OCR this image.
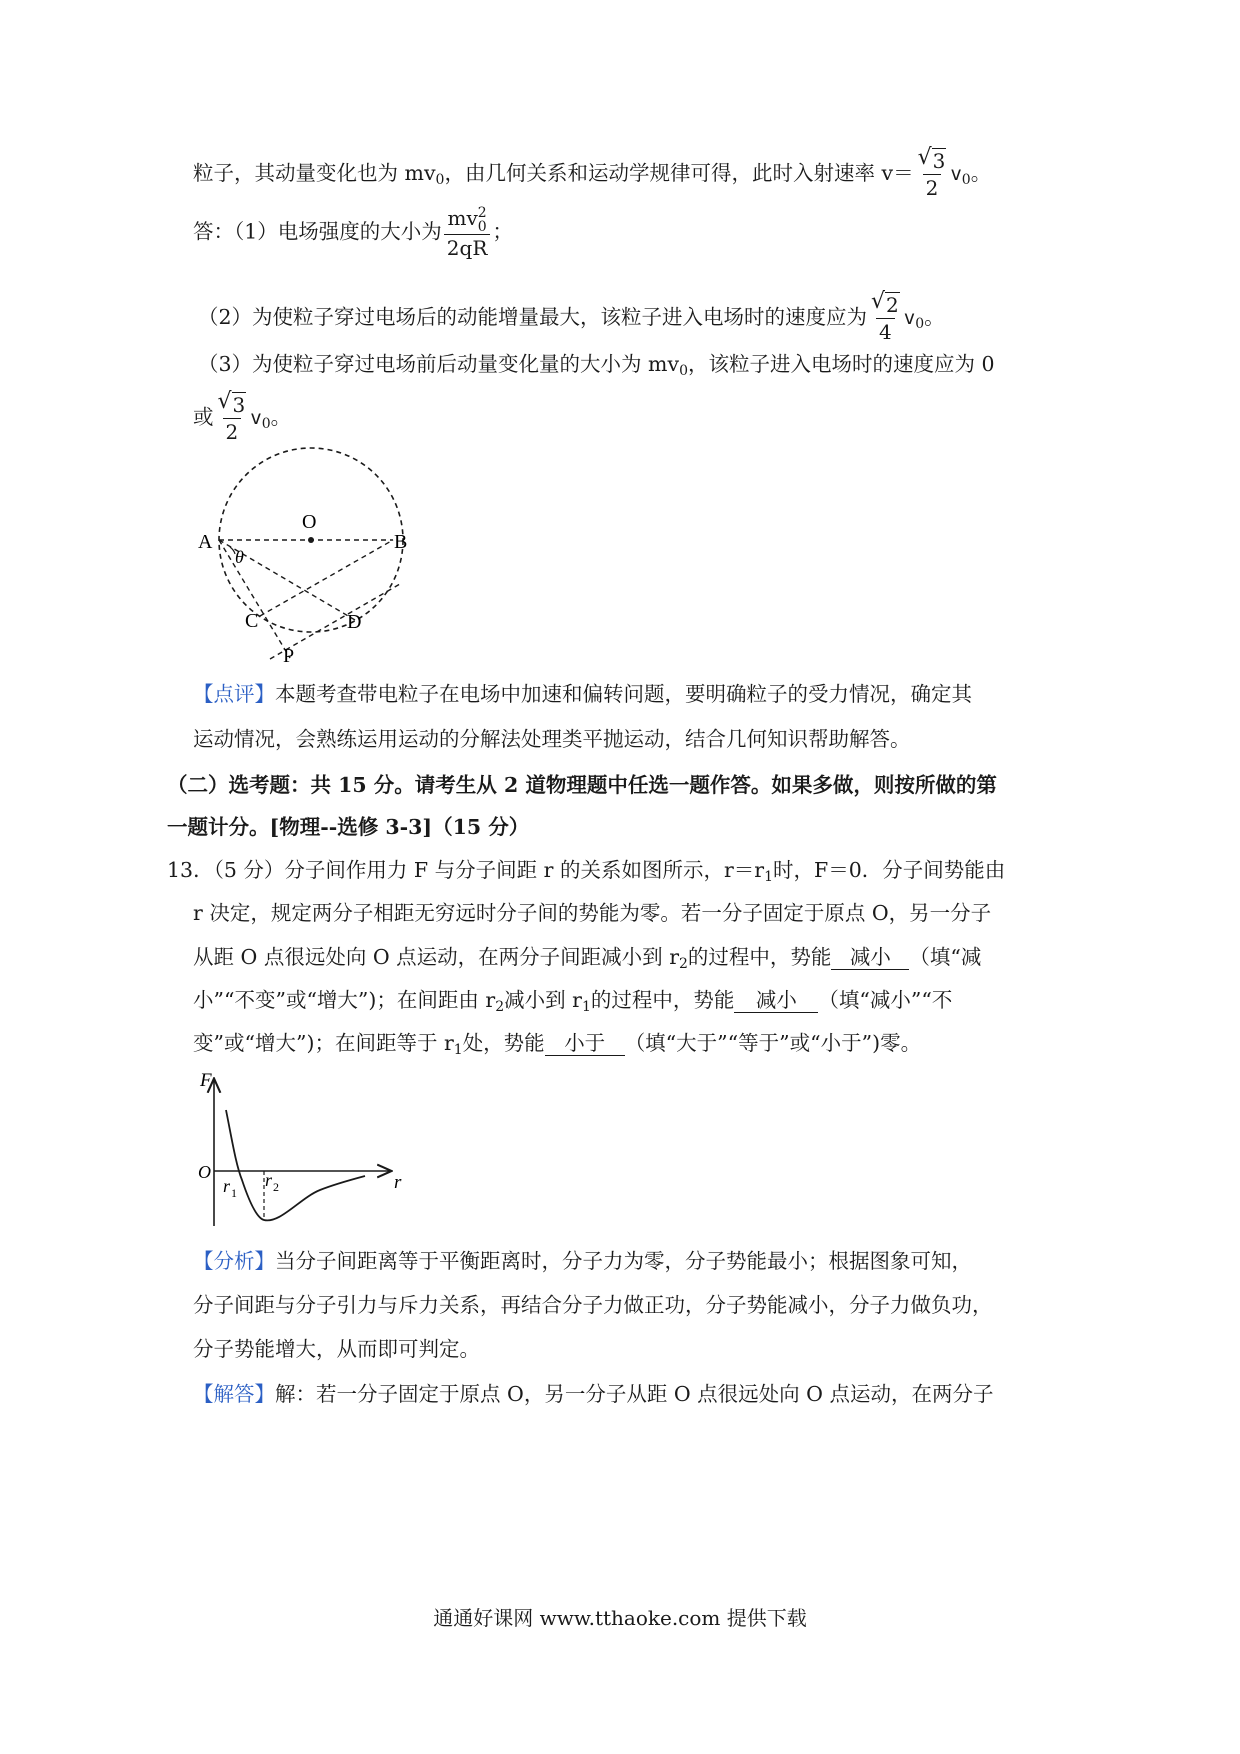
粒子，其动量变化也为 $mv_0$，由几何关系和运动学规律可得，此时入射速率 v＝ √ $\frac{3}{2} v_0$。
答：（1）电场强度的大小为 mv 2
0
2qR ；
（2）为使粒子穿过电场后的动能增量最大，该粒子进入电场时的速度应为 √ $\frac{2}{4} v_0$。
（3）为使粒子穿过电场前后动量变化量的大小为 $mv_0$，该粒子进入电场时的速度应为 0
或 √ $\frac{3}{2} v_0$。
O
A	B
θ
C	D
P
【点评】本题考查带电粒子在电场中加速和偏转问题，要明确粒子的受力情况，确定其
运动情况，会熟练运用运动的分解法处理类平抛运动，结合几何知识帮助解答。
（二）选考题：共 15 分。请考生从 2 道物理题中任选一题作答。如果多做，则按所做的第
一题计分。[物理--选修 3-3]（15 分）
13．（5 分）分子间作用力 F 与分子间距 r 的关系如图所示，$r=r_1$时，F＝0．分子间势能由
r 决定，规定两分子相距无穷远时分子间的势能为零。若一分子固定于原点 O，另一分子
从距 O 点很远处向 O 点运动，在两分子间距减小到 $r_2$的过程中，势能 减小 （填“减
小”“不变”或“增大”)；在间距由 $r_2$减小到 $r_1$的过程中，势能 减小 （填“减小”“不
变”或“增大”)；在间距等于 $r_1$处，势能 小于 （填“大于”“等于”或“小于”)零。
F
O	r
r 1
r 2
【分析】当分子间距离等于平衡距离时，分子力为零，分子势能最小；根据图象可知，
分子间距与分子引力与斥力关系，再结合分子力做正功，分子势能减小，分子力做负功，
分子势能增大，从而即可判定。
【解答】解：若一分子固定于原点 O，另一分子从距 O 点很远处向 O 点运动，在两分子
通通好课网 www.tthaoke.com 提供下载
